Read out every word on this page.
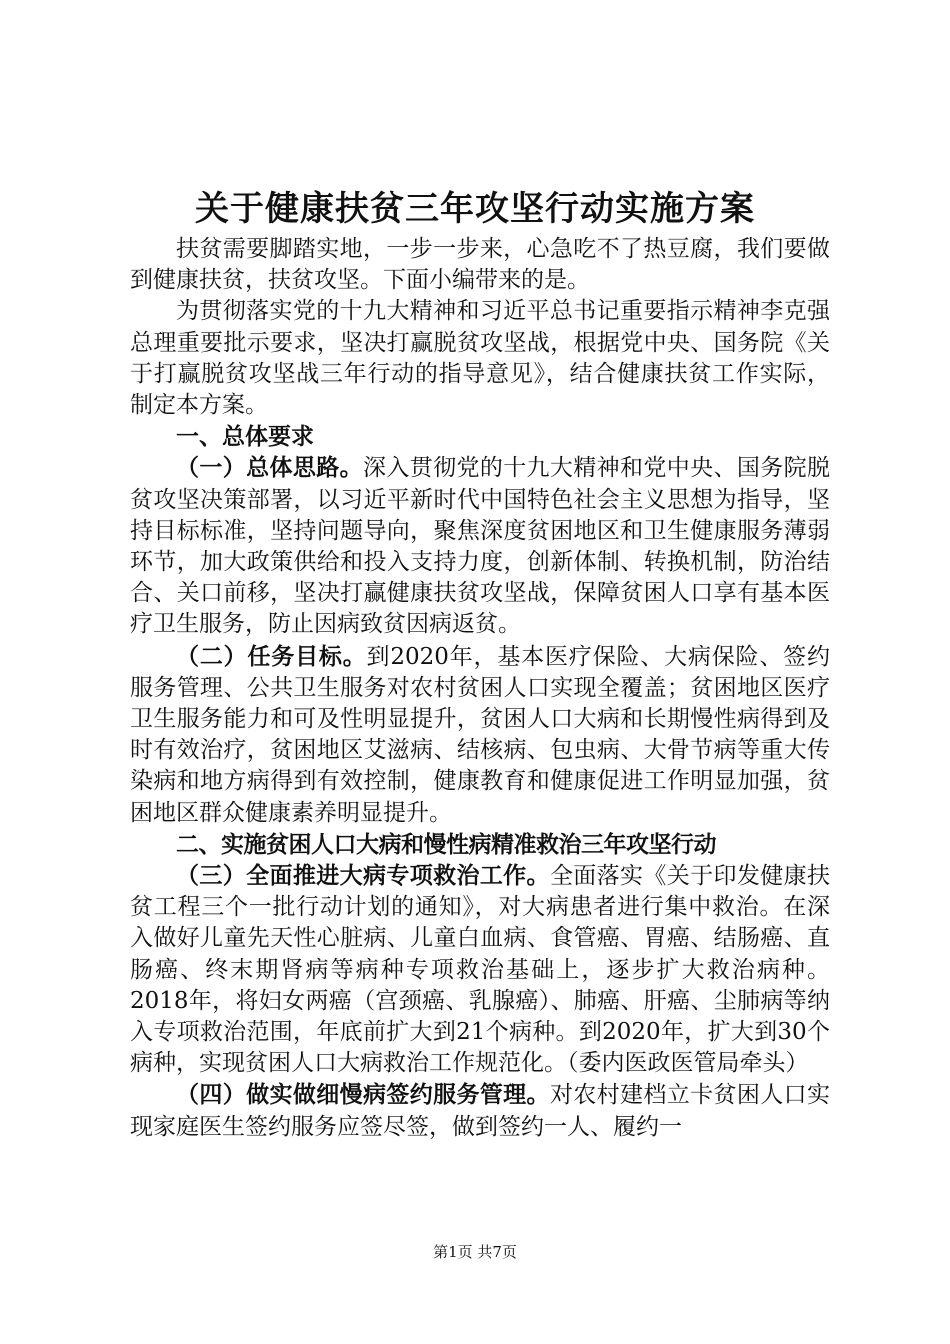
关于健康扶贫三年攻坚行动实施方案

扶贫需要脚踏实地，一步一步来，心急吃不了热豆腐，我们要做到健康扶贫，扶贫攻坚。下面小编带来的是。

为贯彻落实党的十九大精神和习近平总书记重要指示精神李克强总理重要批示要求，坚决打赢脱贫攻坚战，根据党中央、国务院《关于打赢脱贫攻坚战三年行动的指导意见》，结合健康扶贫工作实际，制定本方案。

一、总体要求

（一）总体思路。深入贯彻党的十九大精神和党中央、国务院脱贫攻坚决策部署，以习近平新时代中国特色社会主义思想为指导，坚持目标标准，坚持问题导向，聚焦深度贫困地区和卫生健康服务薄弱环节，加大政策供给和投入支持力度，创新体制、转换机制，防治结合、关口前移，坚决打赢健康扶贫攻坚战，保障贫困人口享有基本医疗卫生服务，防止因病致贫因病返贫。

（二）任务目标。到2020年，基本医疗保险、大病保险、签约服务管理、公共卫生服务对农村贫困人口实现全覆盖；贫困地区医疗卫生服务能力和可及性明显提升，贫困人口大病和长期慢性病得到及时有效治疗，贫困地区艾滋病、结核病、包虫病、大骨节病等重大传染病和地方病得到有效控制，健康教育和健康促进工作明显加强，贫困地区群众健康素养明显提升。

二、实施贫困人口大病和慢性病精准救治三年攻坚行动

（三）全面推进大病专项救治工作。全面落实《关于印发健康扶贫工程三个一批行动计划的通知》，对大病患者进行集中救治。在深入做好儿童先天性心脏病、儿童白血病、食管癌、胃癌、结肠癌、直肠癌、终末期肾病等病种专项救治基础上，逐步扩大救治病种。2018年，将妇女两癌（宫颈癌、乳腺癌）、肺癌、肝癌、尘肺病等纳入专项救治范围，年底前扩大到21个病种。到2020年，扩大到30个病种，实现贫困人口大病救治工作规范化。（委内医政医管局牵头）

（四）做实做细慢病签约服务管理。对农村建档立卡贫困人口实现家庭医生签约服务应签尽签，做到签约一人、履约一

第1页 共7页
